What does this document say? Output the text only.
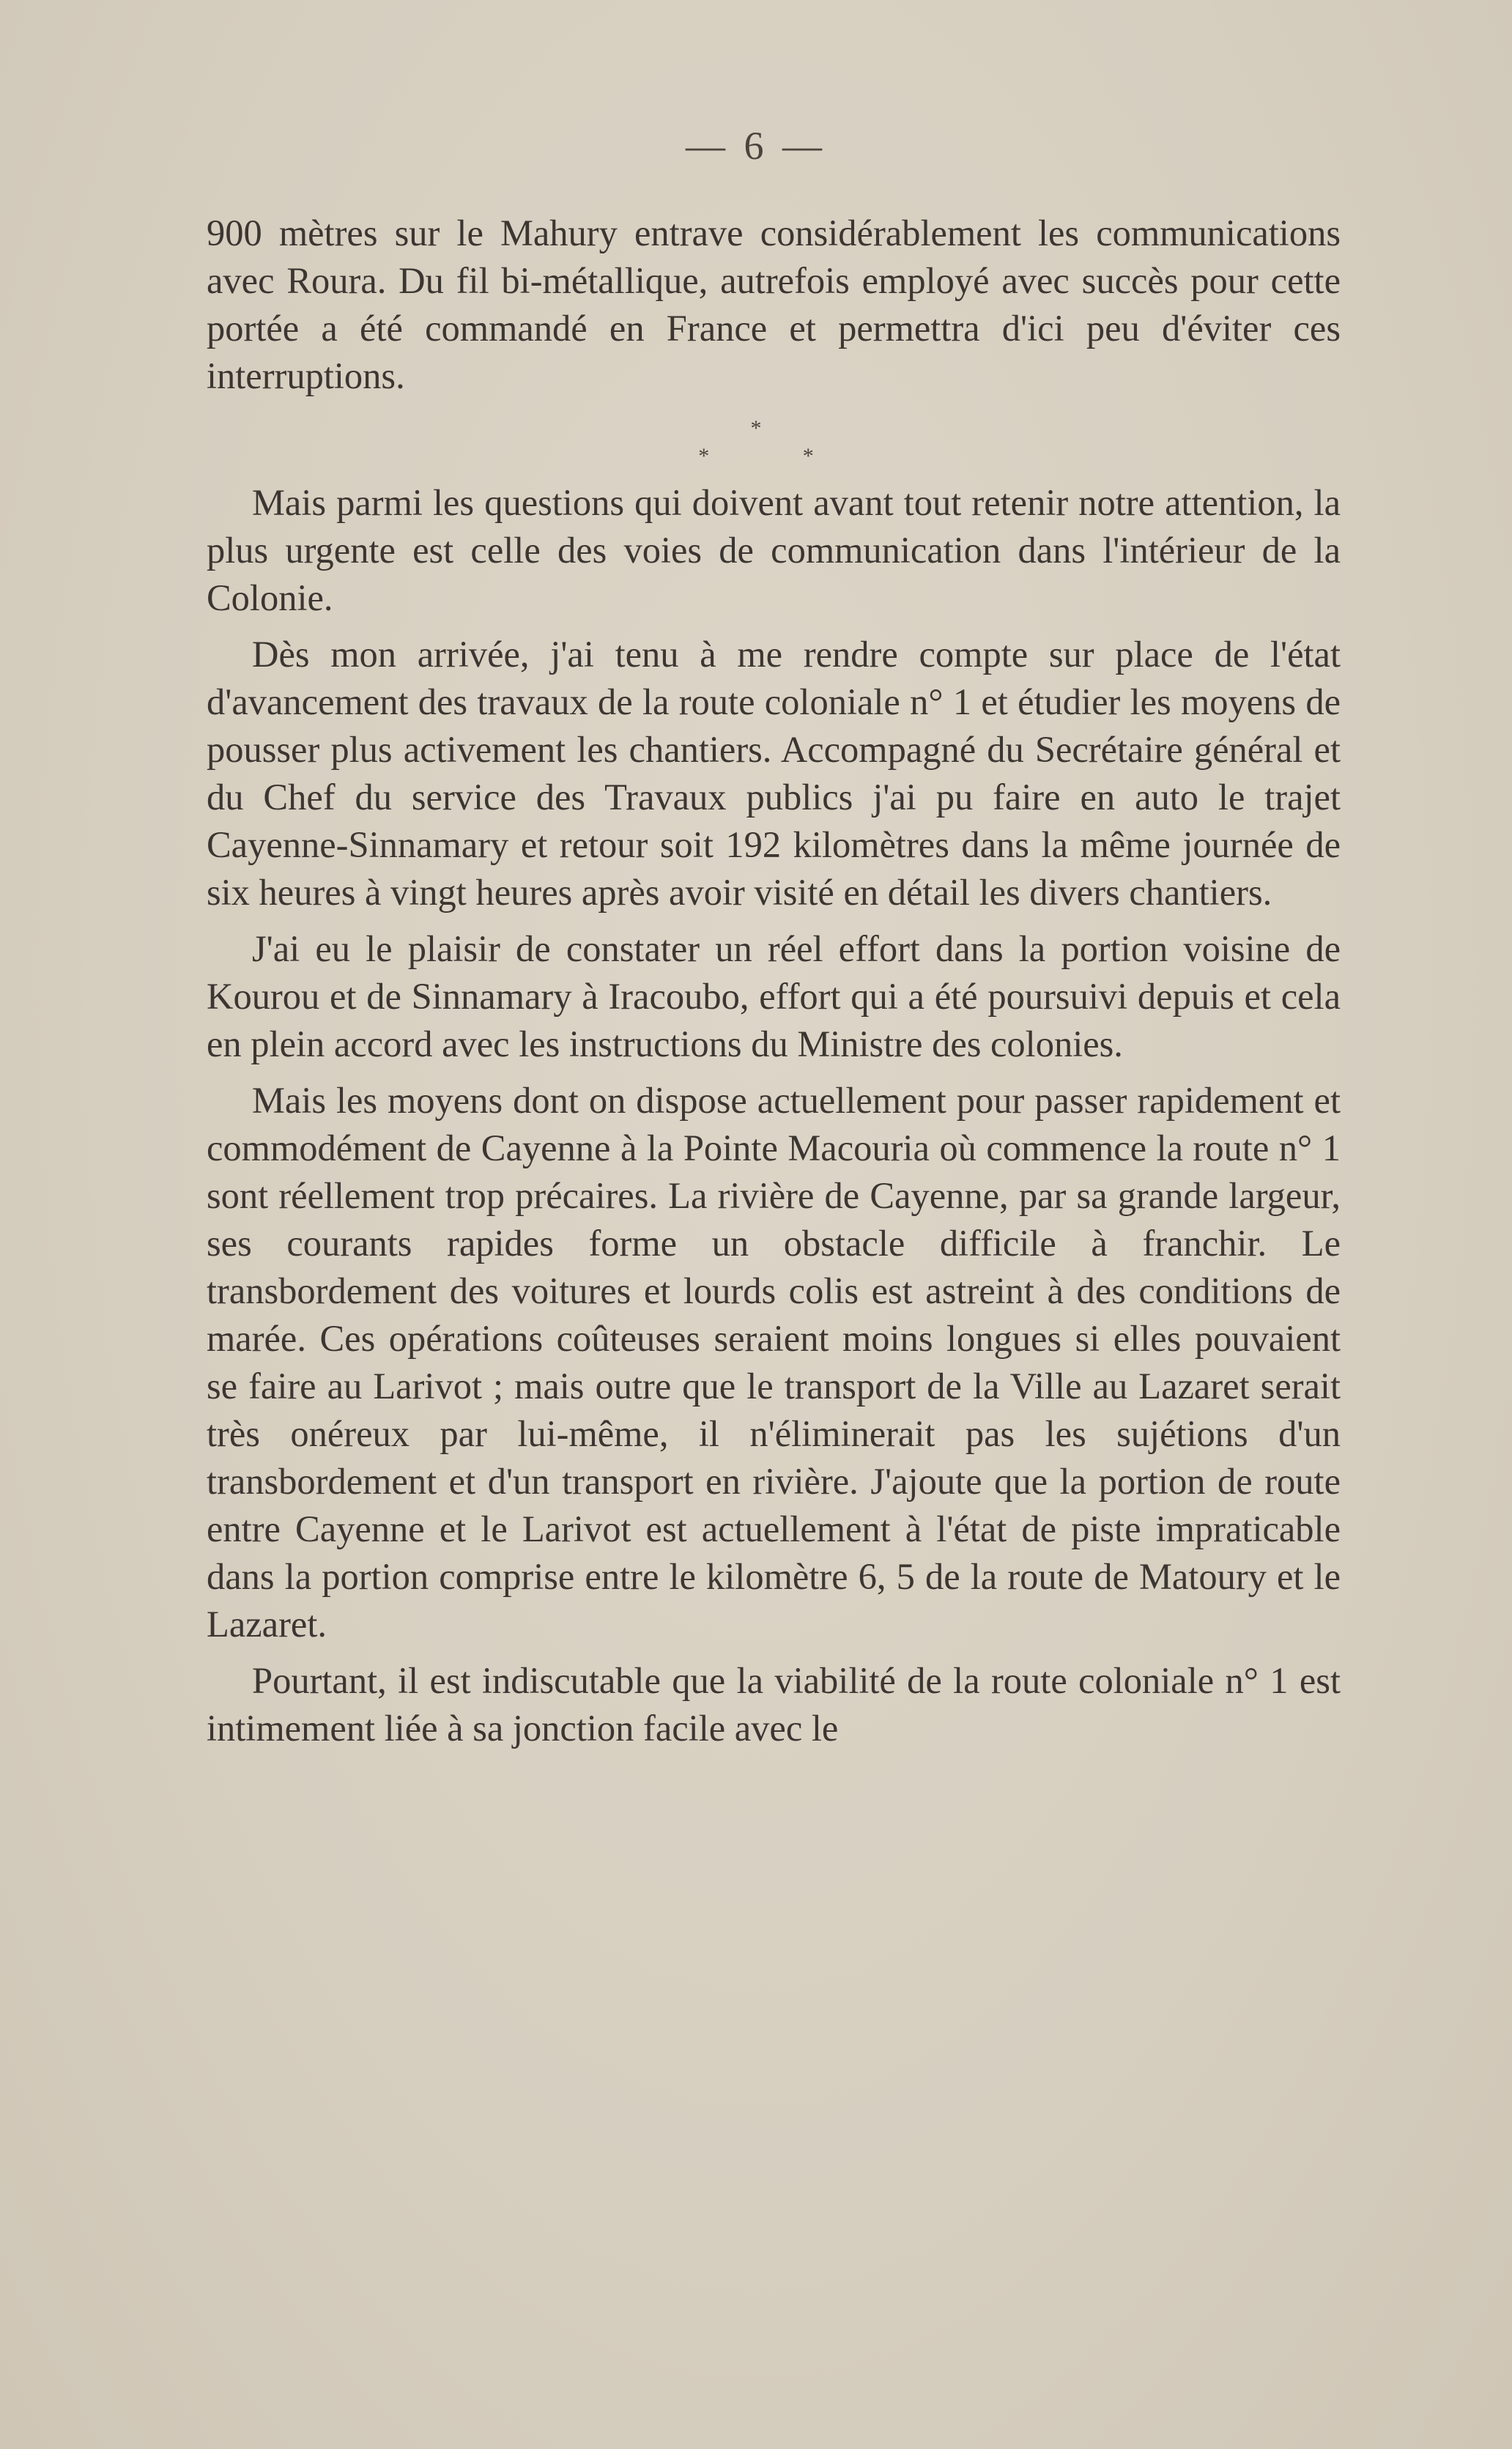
— 6 —

900 mètres sur le Mahury entrave considérablement les communications avec Roura. Du fil bi-métallique, autrefois employé avec succès pour cette portée a été commandé en France et permettra d'ici peu d'éviter ces interruptions.

*
* *

Mais parmi les questions qui doivent avant tout retenir notre attention, la plus urgente est celle des voies de communication dans l'intérieur de la Colonie.

Dès mon arrivée, j'ai tenu à me rendre compte sur place de l'état d'avancement des travaux de la route coloniale n° 1 et étudier les moyens de pousser plus activement les chantiers. Accompagné du Secrétaire général et du Chef du service des Travaux publics j'ai pu faire en auto le trajet Cayenne-Sinnamary et retour soit 192 kilomètres dans la même journée de six heures à vingt heures après avoir visité en détail les divers chantiers.

J'ai eu le plaisir de constater un réel effort dans la portion voisine de Kourou et de Sinnamary à Iracoubo, effort qui a été poursuivi depuis et cela en plein accord avec les instructions du Ministre des colonies.

Mais les moyens dont on dispose actuellement pour passer rapidement et commodément de Cayenne à la Pointe Macouria où commence la route n° 1 sont réellement trop précaires. La rivière de Cayenne, par sa grande largeur, ses courants rapides forme un obstacle difficile à franchir. Le transbordement des voitures et lourds colis est astreint à des conditions de marée. Ces opérations coûteuses seraient moins longues si elles pouvaient se faire au Larivot ; mais outre que le transport de la Ville au Lazaret serait très onéreux par lui-même, il n'éliminerait pas les sujétions d'un transbordement et d'un transport en rivière. J'ajoute que la portion de route entre Cayenne et le Larivot est actuellement à l'état de piste impraticable dans la portion comprise entre le kilomètre 6, 5 de la route de Matoury et le Lazaret.

Pourtant, il est indiscutable que la viabilité de la route coloniale n° 1 est intimement liée à sa jonction facile avec le
